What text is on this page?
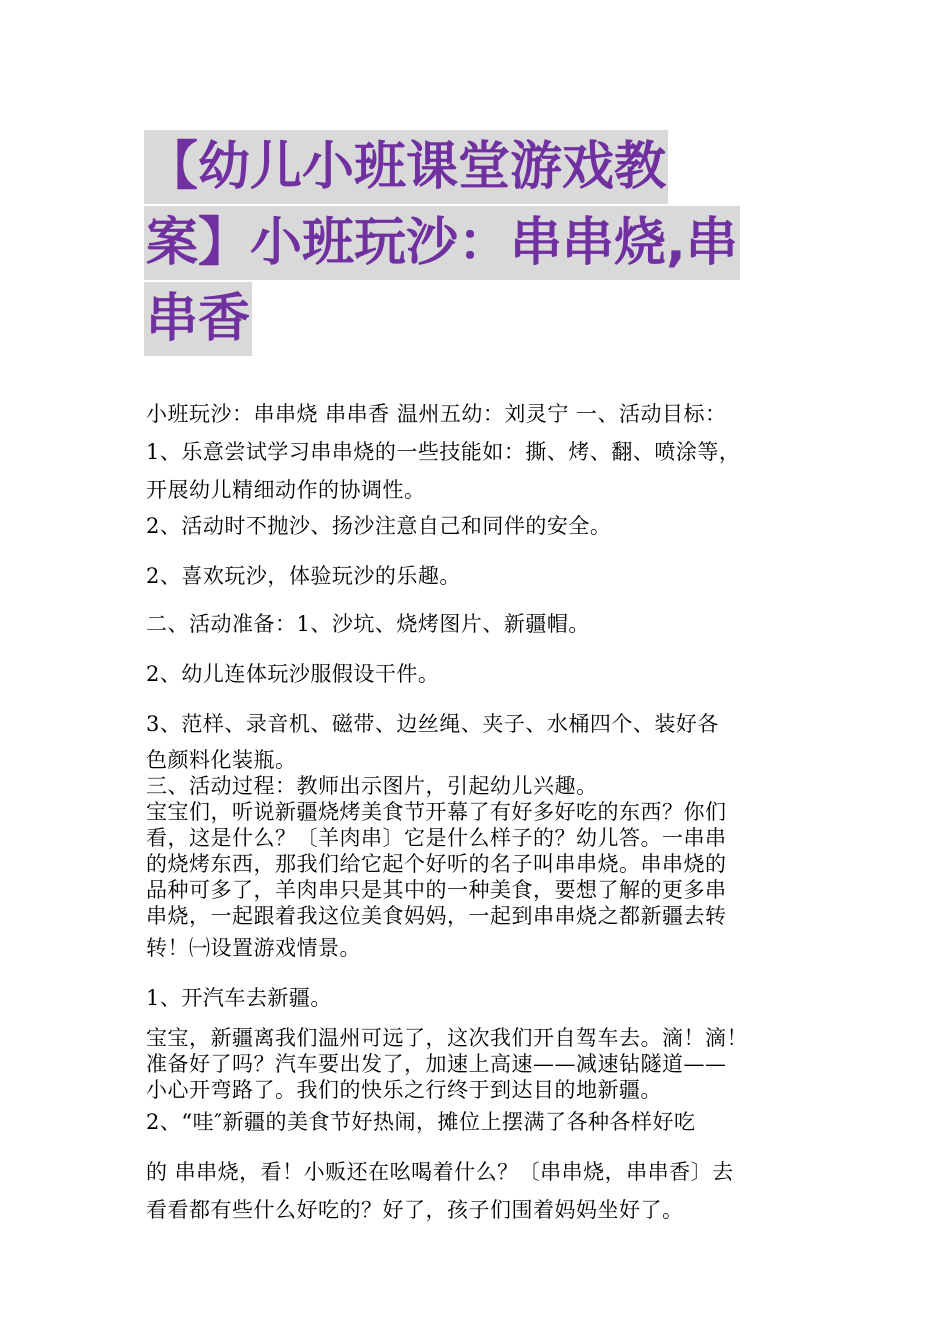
【幼儿小班课堂游戏教
案】小班玩沙：串串烧,串
串香
小班玩沙：串串烧 串串香 温州五幼：刘灵宁 一、活动目标：
1、乐意尝试学习串串烧的一些技能如：撕、烤、翻、喷涂等，
开展幼儿精细动作的协调性。
2、活动时不抛沙、扬沙注意自己和同伴的安全。
2、喜欢玩沙，体验玩沙的乐趣。
二、活动准备：1、沙坑、烧烤图片、新疆帽。
2、幼儿连体玩沙服假设干件。
3、范样、录音机、磁带、边丝绳、夹子、水桶四个、装好各
色颜料化装瓶。
三、活动过程：教师出示图片，引起幼儿兴趣。
宝宝们，听说新疆烧烤美食节开幕了有好多好吃的东西？你们
看，这是什么？〔羊肉串〕它是什么样子的？幼儿答。一串串
的烧烤东西，那我们给它起个好听的名子叫串串烧。串串烧的
品种可多了，羊肉串只是其中的一种美食，要想了解的更多串
串烧，一起跟着我这位美食妈妈，一起到串串烧之都新疆去转
转！㈠设置游戏情景。
1、开汽车去新疆。
宝宝，新疆离我们温州可远了，这次我们开自驾车去。滴！滴！
准备好了吗？汽车要出发了，加速上高速——减速钻隧道——
小心开弯路了。我们的快乐之行终于到达目的地新疆。
2、“哇″新疆的美食节好热闹，摊位上摆满了各种各样好吃
的 串串烧，看！小贩还在吆喝着什么？〔串串烧，串串香〕去
看看都有些什么好吃的？好了，孩子们围着妈妈坐好了。
